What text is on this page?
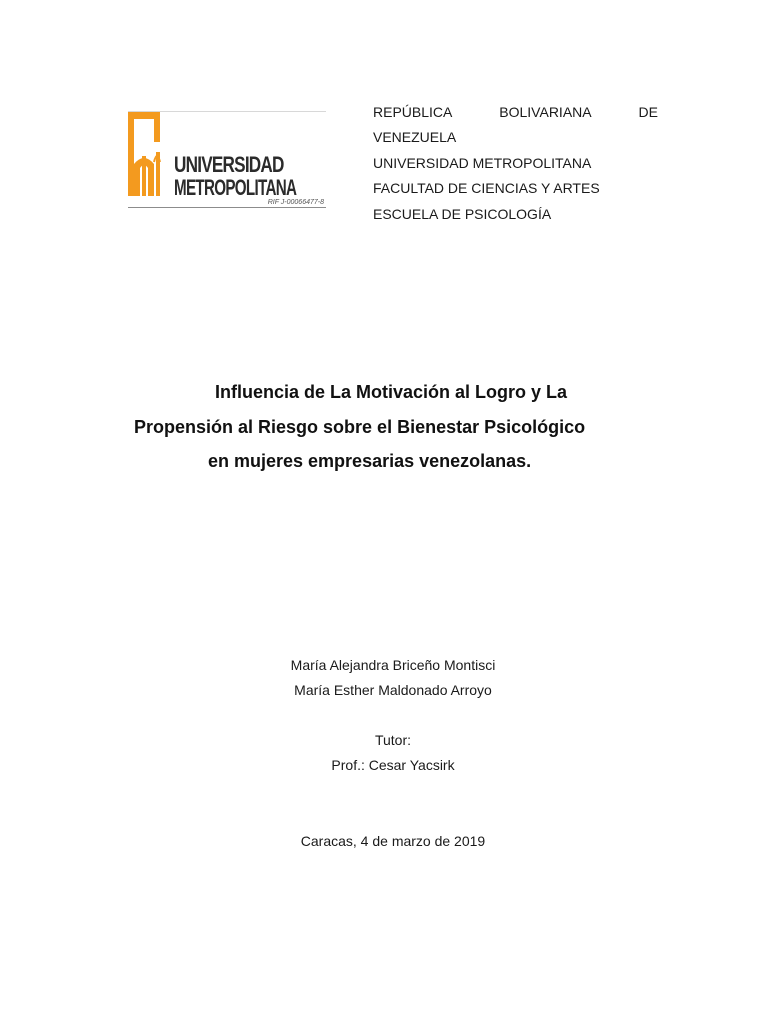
UNIVERSIDAD
METROPOLITANA
RIF J-00066477-8
REPÚBLICA	BOLIVARIANA	DE
VENEZUELA
UNIVERSIDAD METROPOLITANA
FACULTAD DE CIENCIAS Y ARTES
ESCUELA DE PSICOLOGÍA
Influencia de La Motivación al Logro y La
Propensión al Riesgo sobre el Bienestar Psicológico
en mujeres empresarias venezolanas.
María Alejandra Briceño Montisci
María Esther Maldonado Arroyo
Tutor:
Prof.: Cesar Yacsirk
Caracas, 4 de marzo de 2019
